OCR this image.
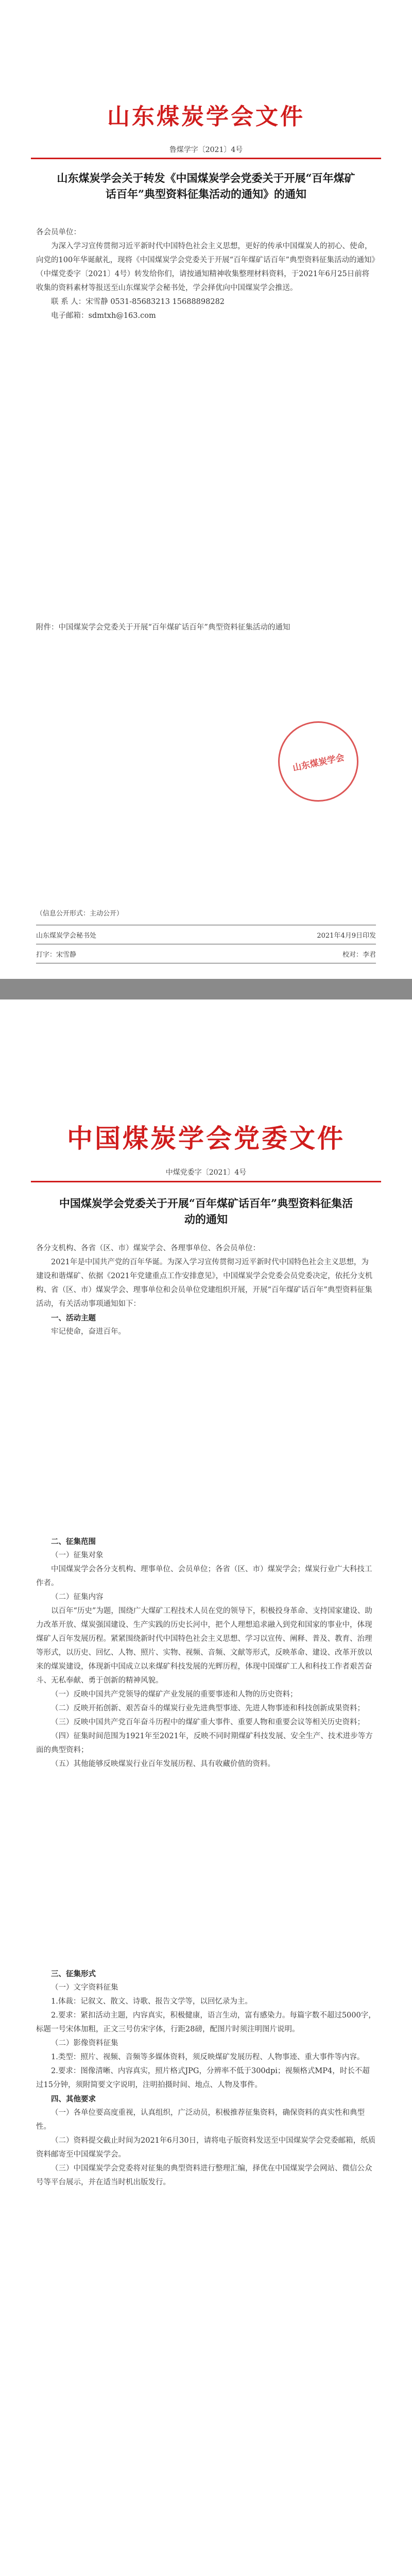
山东煤炭学会文件
鲁煤学字〔2021〕4号
山东煤炭学会关于转发《中国煤炭学会党委关于开展“百年煤矿话百年”典型资料征集活动的通知》的通知

各会员单位：

为深入学习宣传贯彻习近平新时代中国特色社会主义思想，更好的传承中国煤炭人的初心、使命，向党的100年华诞献礼，现将《中国煤炭学会党委关于开展“百年煤矿话百年”典型资料征集活动的通知》（中煤党委字〔2021〕4号）转发给你们，请按通知精神收集整理材料资料，于2021年6月25日前将收集的资料素材等报送至山东煤炭学会秘书处，学会择优向中国煤炭学会推送。

联 系 人：宋雪静 0531-85683213 15688898282

电子邮箱：sdmtxh@163.com

附件：中国煤炭学会党委关于开展“百年煤矿话百年”典型资料征集活动的通知
山东煤炭学会
（信息公开形式：主动公开）
山东煤炭学会秘书处	2021年4月9日印发
打字：宋雪静	校对：李君
中国煤炭学会党委文件
中煤党委字〔2021〕4号
中国煤炭学会党委关于开展“百年煤矿话百年”典型资料征集活动的通知

各分支机构、各省（区、市）煤炭学会、各理事单位、各会员单位：

2021年是中国共产党的百年华诞。为深入学习宣传贯彻习近平新时代中国特色社会主义思想，为建设和谐煤矿、依据《2021年党建重点工作安排意见》，中国煤炭学会党委会员党委决定，依托分支机构、省（区、市）煤炭学会、理事单位和会员单位党建组织开展，开展“百年煤矿话百年”典型资料征集活动，有关活动事项通知如下：

一、活动主题

牢记使命，奋进百年。

二、征集范围

（一）征集对象

中国煤炭学会各分支机构、理事单位、会员单位；各省（区、市）煤炭学会；煤炭行业广大科技工作者。

（二）征集内容

以百年“历史”为题，围绕广大煤矿工程技术人员在党的领导下，积极投身革命、支持国家建设、助力改革开放、煤炭强国建设、生产实践的历史长河中，把个人理想追求融入到党和国家的事业中，体现煤矿人百年发展历程。紧紧围绕新时代中国特色社会主义思想、学习以宣传、阐释、普及、教育、治理等形式，以历史、回忆、人物、照片、实物、视频、音频、文献等形式，反映革命、建设、改革开放以来的煤炭建设，体现新中国成立以来煤矿科技发展的光辉历程，体现中国煤矿工人和科技工作者艰苦奋斗、无私奉献、勇于创新的精神风貌。

（一）反映中国共产党领导的煤矿产业发展的重要事迹和人物的历史资料；

（二）反映开拓创新、艰苦奋斗的煤炭行业先进典型事迹、先进人物事迹和科技创新成果资料；

（三）反映中国共产党百年奋斗历程中的煤矿重大事件、重要人物和重要会议等相关历史资料；

（四）征集时间范围为1921年至2021年，反映不同时期煤矿科技发展、安全生产、技术进步等方面的典型资料；

（五）其他能够反映煤炭行业百年发展历程、具有收藏价值的资料。

三、征集形式

（一）文字资料征集

1.体裁：记叙文、散文、诗歌、报告文学等，以回忆录为主。

2.要求：紧扣活动主题，内容真实，积极健康，语言生动，富有感染力。每篇字数不超过5000字，标题一号宋体加粗，正文三号仿宋字体，行距28磅，配图片时须注明图片说明。

（二）影像资料征集

1.类型：照片、视频、音频等多媒体资料，须反映煤矿发展历程、人物事迹、重大事件等内容。

2.要求：图像清晰、内容真实，照片格式JPG，分辨率不低于300dpi；视频格式MP4，时长不超过15分钟，须附简要文字说明，注明拍摄时间、地点、人物及事件。

四、其他要求

（一）各单位要高度重视，认真组织，广泛动员，积极推荐征集资料，确保资料的真实性和典型性。

（二）资料提交截止时间为2021年6月30日，请将电子版资料发送至中国煤炭学会党委邮箱，纸质资料邮寄至中国煤炭学会。

（三）中国煤炭学会党委将对征集的典型资料进行整理汇编，择优在中国煤炭学会网站、微信公众号等平台展示，并在适当时机出版发行。
